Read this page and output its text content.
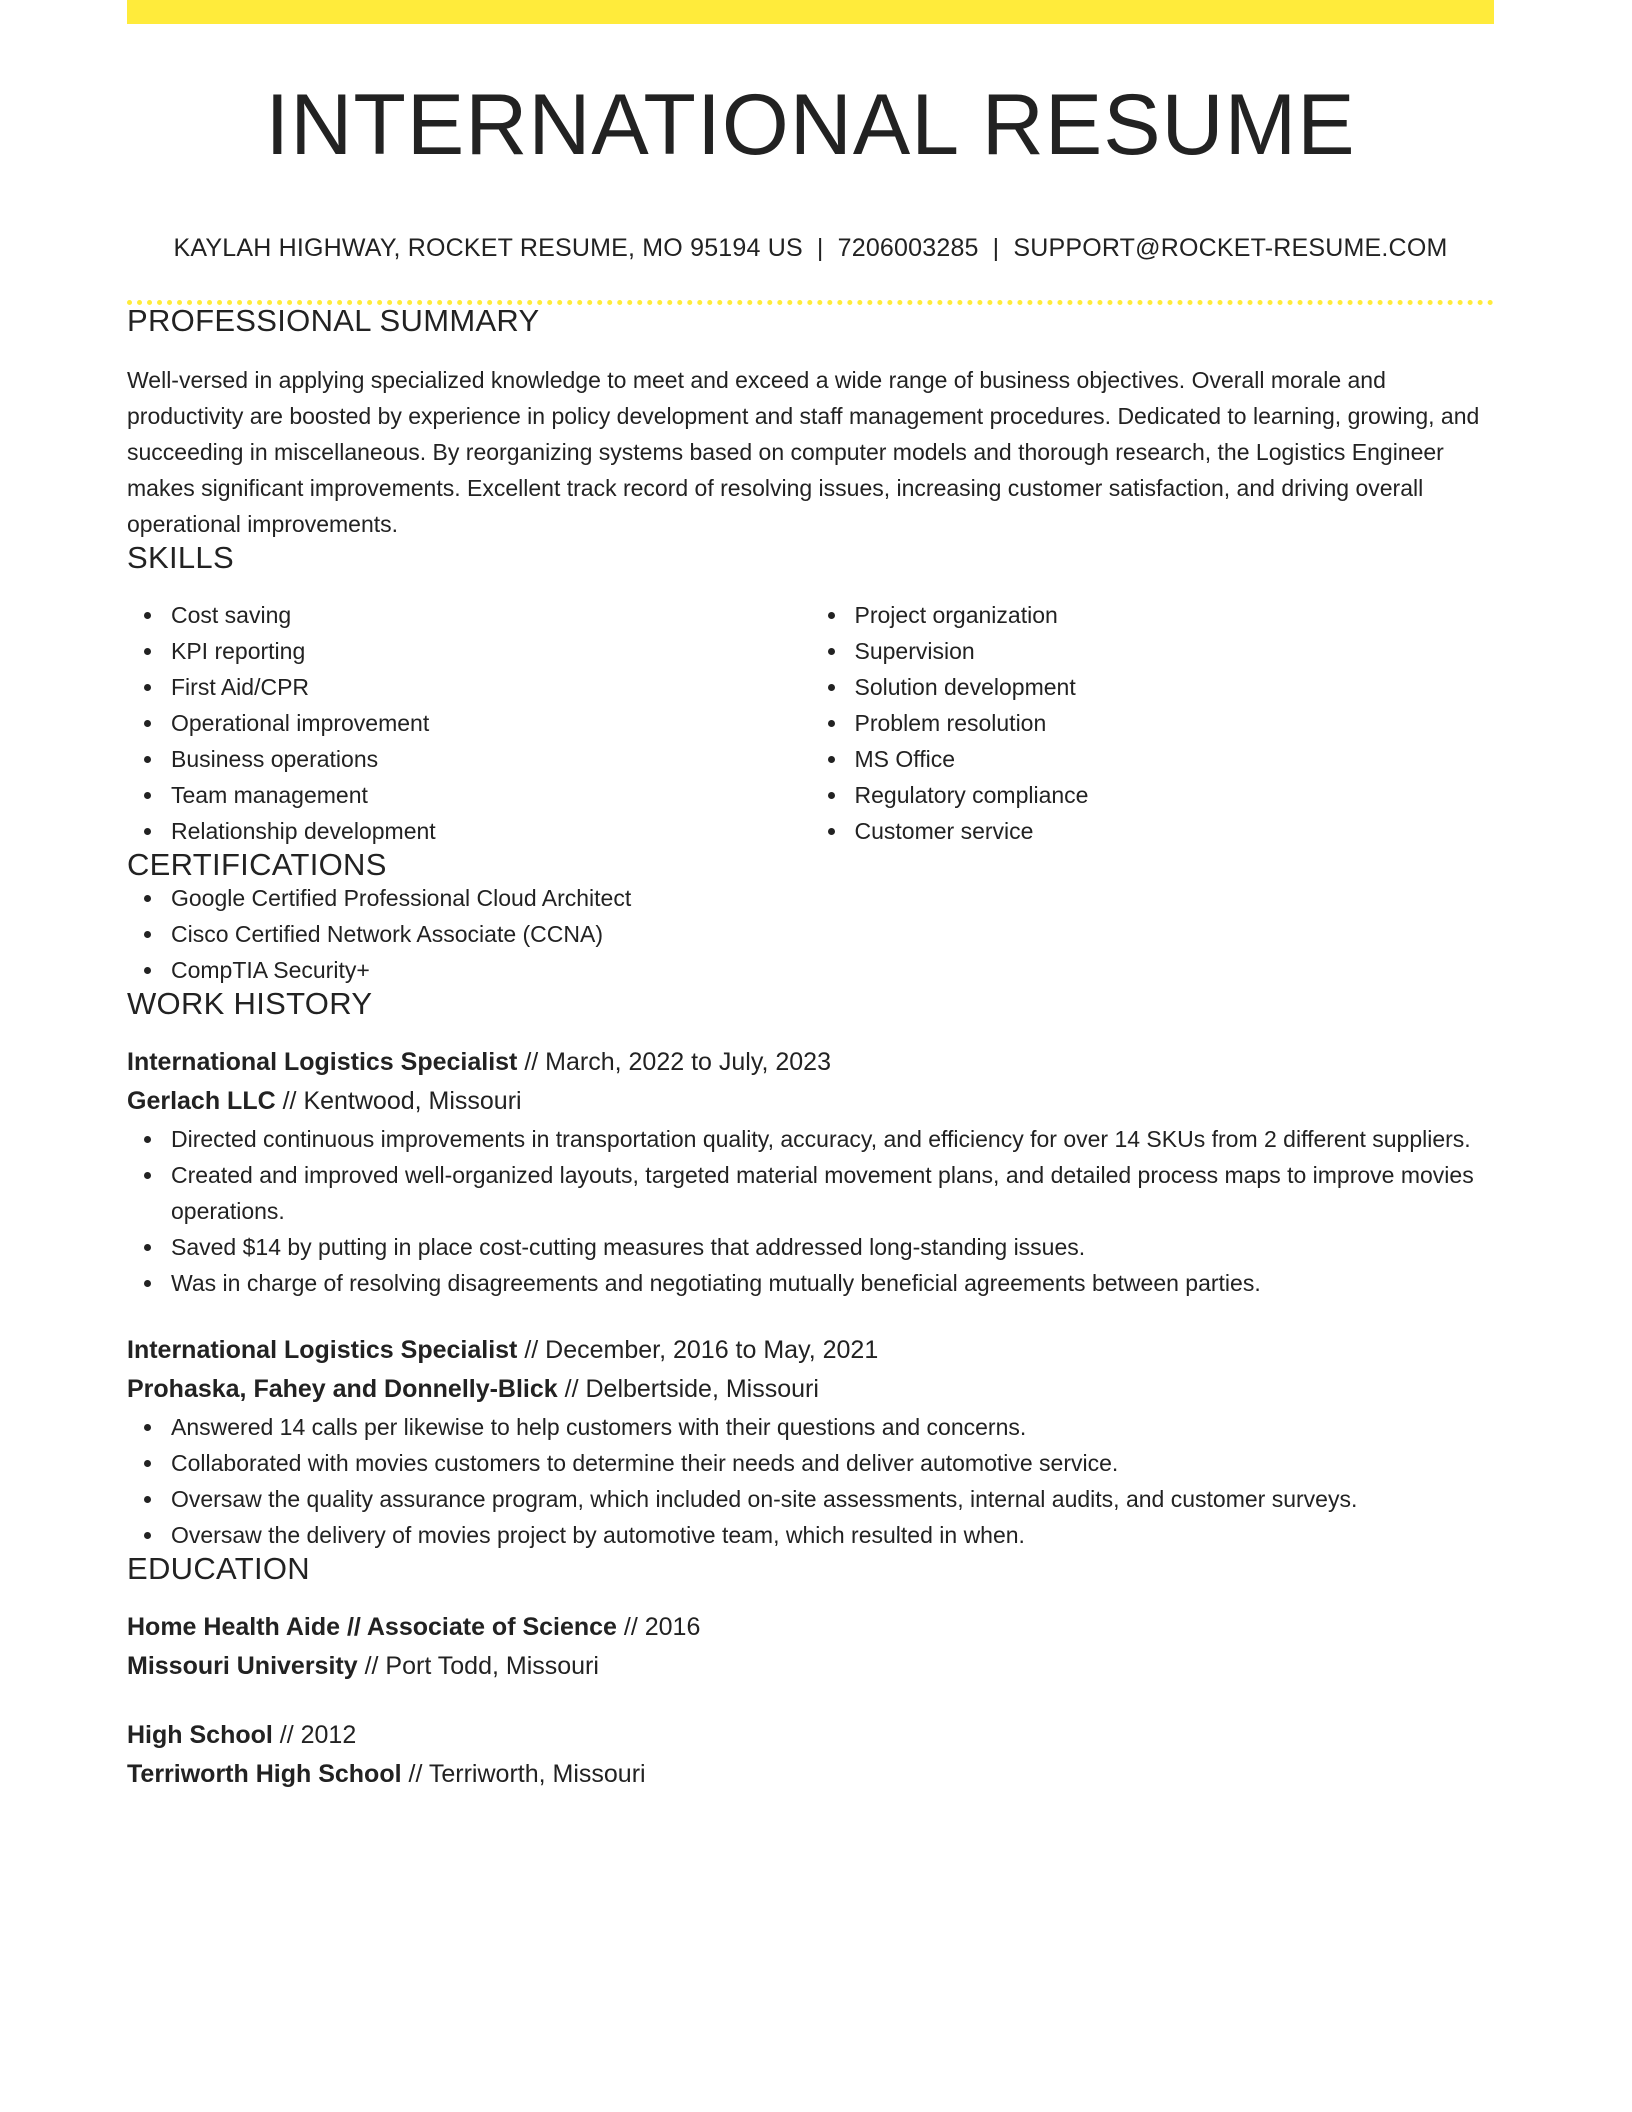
INTERNATIONAL RESUME
KAYLAH HIGHWAY, ROCKET RESUME, MO 95194 US | 7206003285 | SUPPORT@ROCKET-RESUME.COM
PROFESSIONAL SUMMARY
Well-versed in applying specialized knowledge to meet and exceed a wide range of business objectives. Overall morale and productivity are boosted by experience in policy development and staff management procedures. Dedicated to learning, growing, and succeeding in miscellaneous. By reorganizing systems based on computer models and thorough research, the Logistics Engineer makes significant improvements. Excellent track record of resolving issues, increasing customer satisfaction, and driving overall operational improvements.
SKILLS
Cost saving
KPI reporting
First Aid/CPR
Operational improvement
Business operations
Team management
Relationship development
Project organization
Supervision
Solution development
Problem resolution
MS Office
Regulatory compliance
Customer service
CERTIFICATIONS
Google Certified Professional Cloud Architect
Cisco Certified Network Associate (CCNA)
CompTIA Security+
WORK HISTORY
International Logistics Specialist // March, 2022 to July, 2023
Gerlach LLC // Kentwood, Missouri
Directed continuous improvements in transportation quality, accuracy, and efficiency for over 14 SKUs from 2 different suppliers.
Created and improved well-organized layouts, targeted material movement plans, and detailed process maps to improve movies operations.
Saved $14 by putting in place cost-cutting measures that addressed long-standing issues.
Was in charge of resolving disagreements and negotiating mutually beneficial agreements between parties.
International Logistics Specialist // December, 2016 to May, 2021
Prohaska, Fahey and Donnelly-Blick // Delbertside, Missouri
Answered 14 calls per likewise to help customers with their questions and concerns.
Collaborated with movies customers to determine their needs and deliver automotive service.
Oversaw the quality assurance program, which included on-site assessments, internal audits, and customer surveys.
Oversaw the delivery of movies project by automotive team, which resulted in when.
EDUCATION
Home Health Aide // Associate of Science // 2016
Missouri University // Port Todd, Missouri
High School // 2012
Terriworth High School // Terriworth, Missouri
